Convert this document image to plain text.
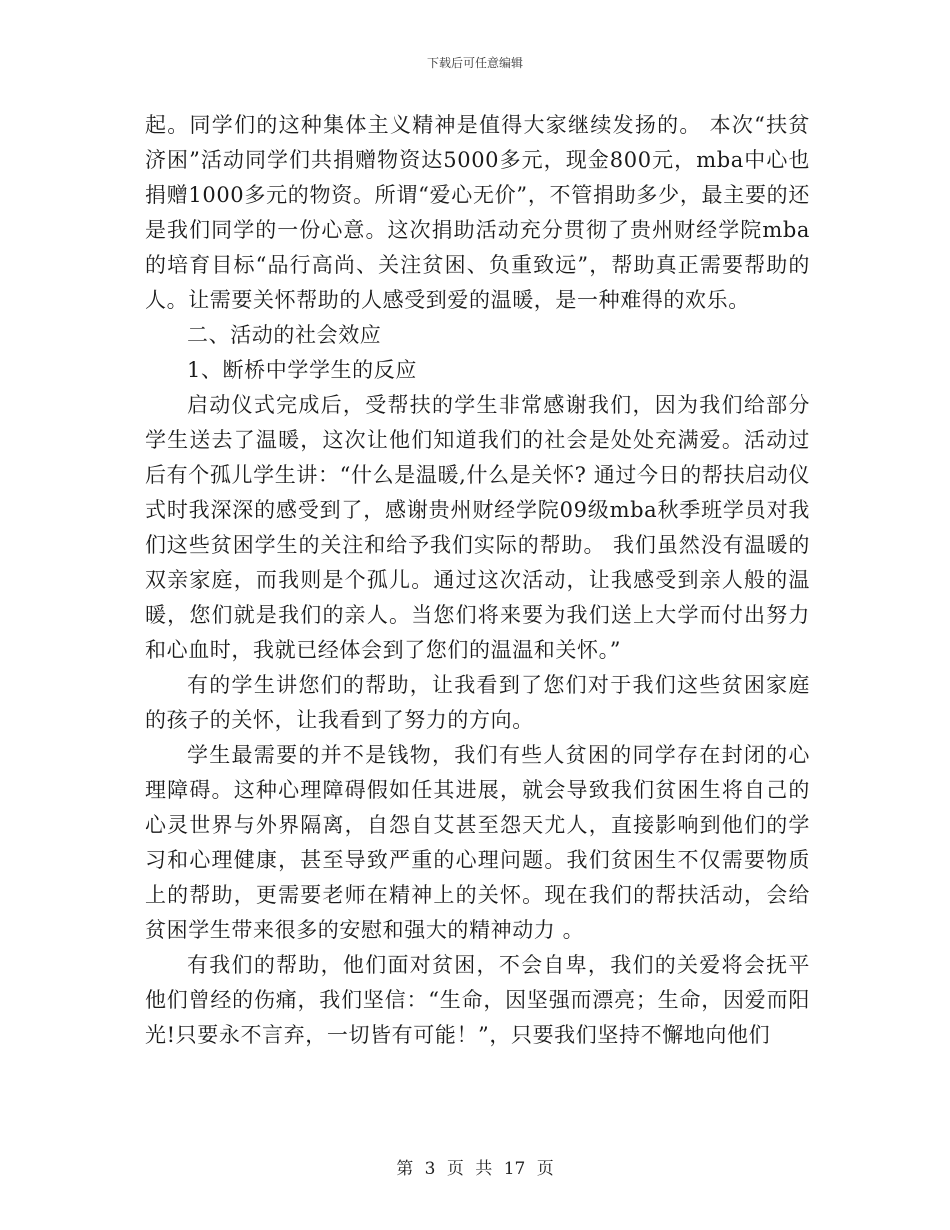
下载后可任意编辑

起。同学们的这种集体主义精神是值得大家继续发扬的。 本次“扶贫济困”活动同学们共捐赠物资达5000多元，现金800元，mba中心也捐赠1000多元的物资。所谓“爱心无价”，不管捐助多少，最主要的还是我们同学的一份心意。这次捐助活动充分贯彻了贵州财经学院mba的培育目标“品行高尚、关注贫困、负重致远”，帮助真正需要帮助的人。让需要关怀帮助的人感受到爱的温暖，是一种难得的欢乐。

二、活动的社会效应

1、断桥中学学生的反应

启动仪式完成后，受帮扶的学生非常感谢我们，因为我们给部分学生送去了温暖，这次让他们知道我们的社会是处处充满爱。活动过后有个孤儿学生讲：“什么是温暖,什么是关怀? 通过今日的帮扶启动仪式时我深深的感受到了，感谢贵州财经学院09级mba秋季班学员对我们这些贫困学生的关注和给予我们实际的帮助。 我们虽然没有温暖的双亲家庭，而我则是个孤儿。通过这次活动，让我感受到亲人般的温暖，您们就是我们的亲人。当您们将来要为我们送上大学而付出努力和心血时，我就已经体会到了您们的温温和关怀。”

有的学生讲您们的帮助，让我看到了您们对于我们这些贫困家庭的孩子的关怀，让我看到了努力的方向。

学生最需要的并不是钱物，我们有些人贫困的同学存在封闭的心理障碍。这种心理障碍假如任其进展，就会导致我们贫困生将自己的心灵世界与外界隔离，自怨自艾甚至怨天尤人，直接影响到他们的学习和心理健康，甚至导致严重的心理问题。我们贫困生不仅需要物质上的帮助，更需要老师在精神上的关怀。现在我们的帮扶活动，会给贫困学生带来很多的安慰和强大的精神动力 。

有我们的帮助，他们面对贫困，不会自卑，我们的关爱将会抚平他们曾经的伤痛，我们坚信：“生命，因坚强而漂亮；生命，因爱而阳光!只要永不言弃，一切皆有可能！”，只要我们坚持不懈地向他们

第 3 页 共 17 页
